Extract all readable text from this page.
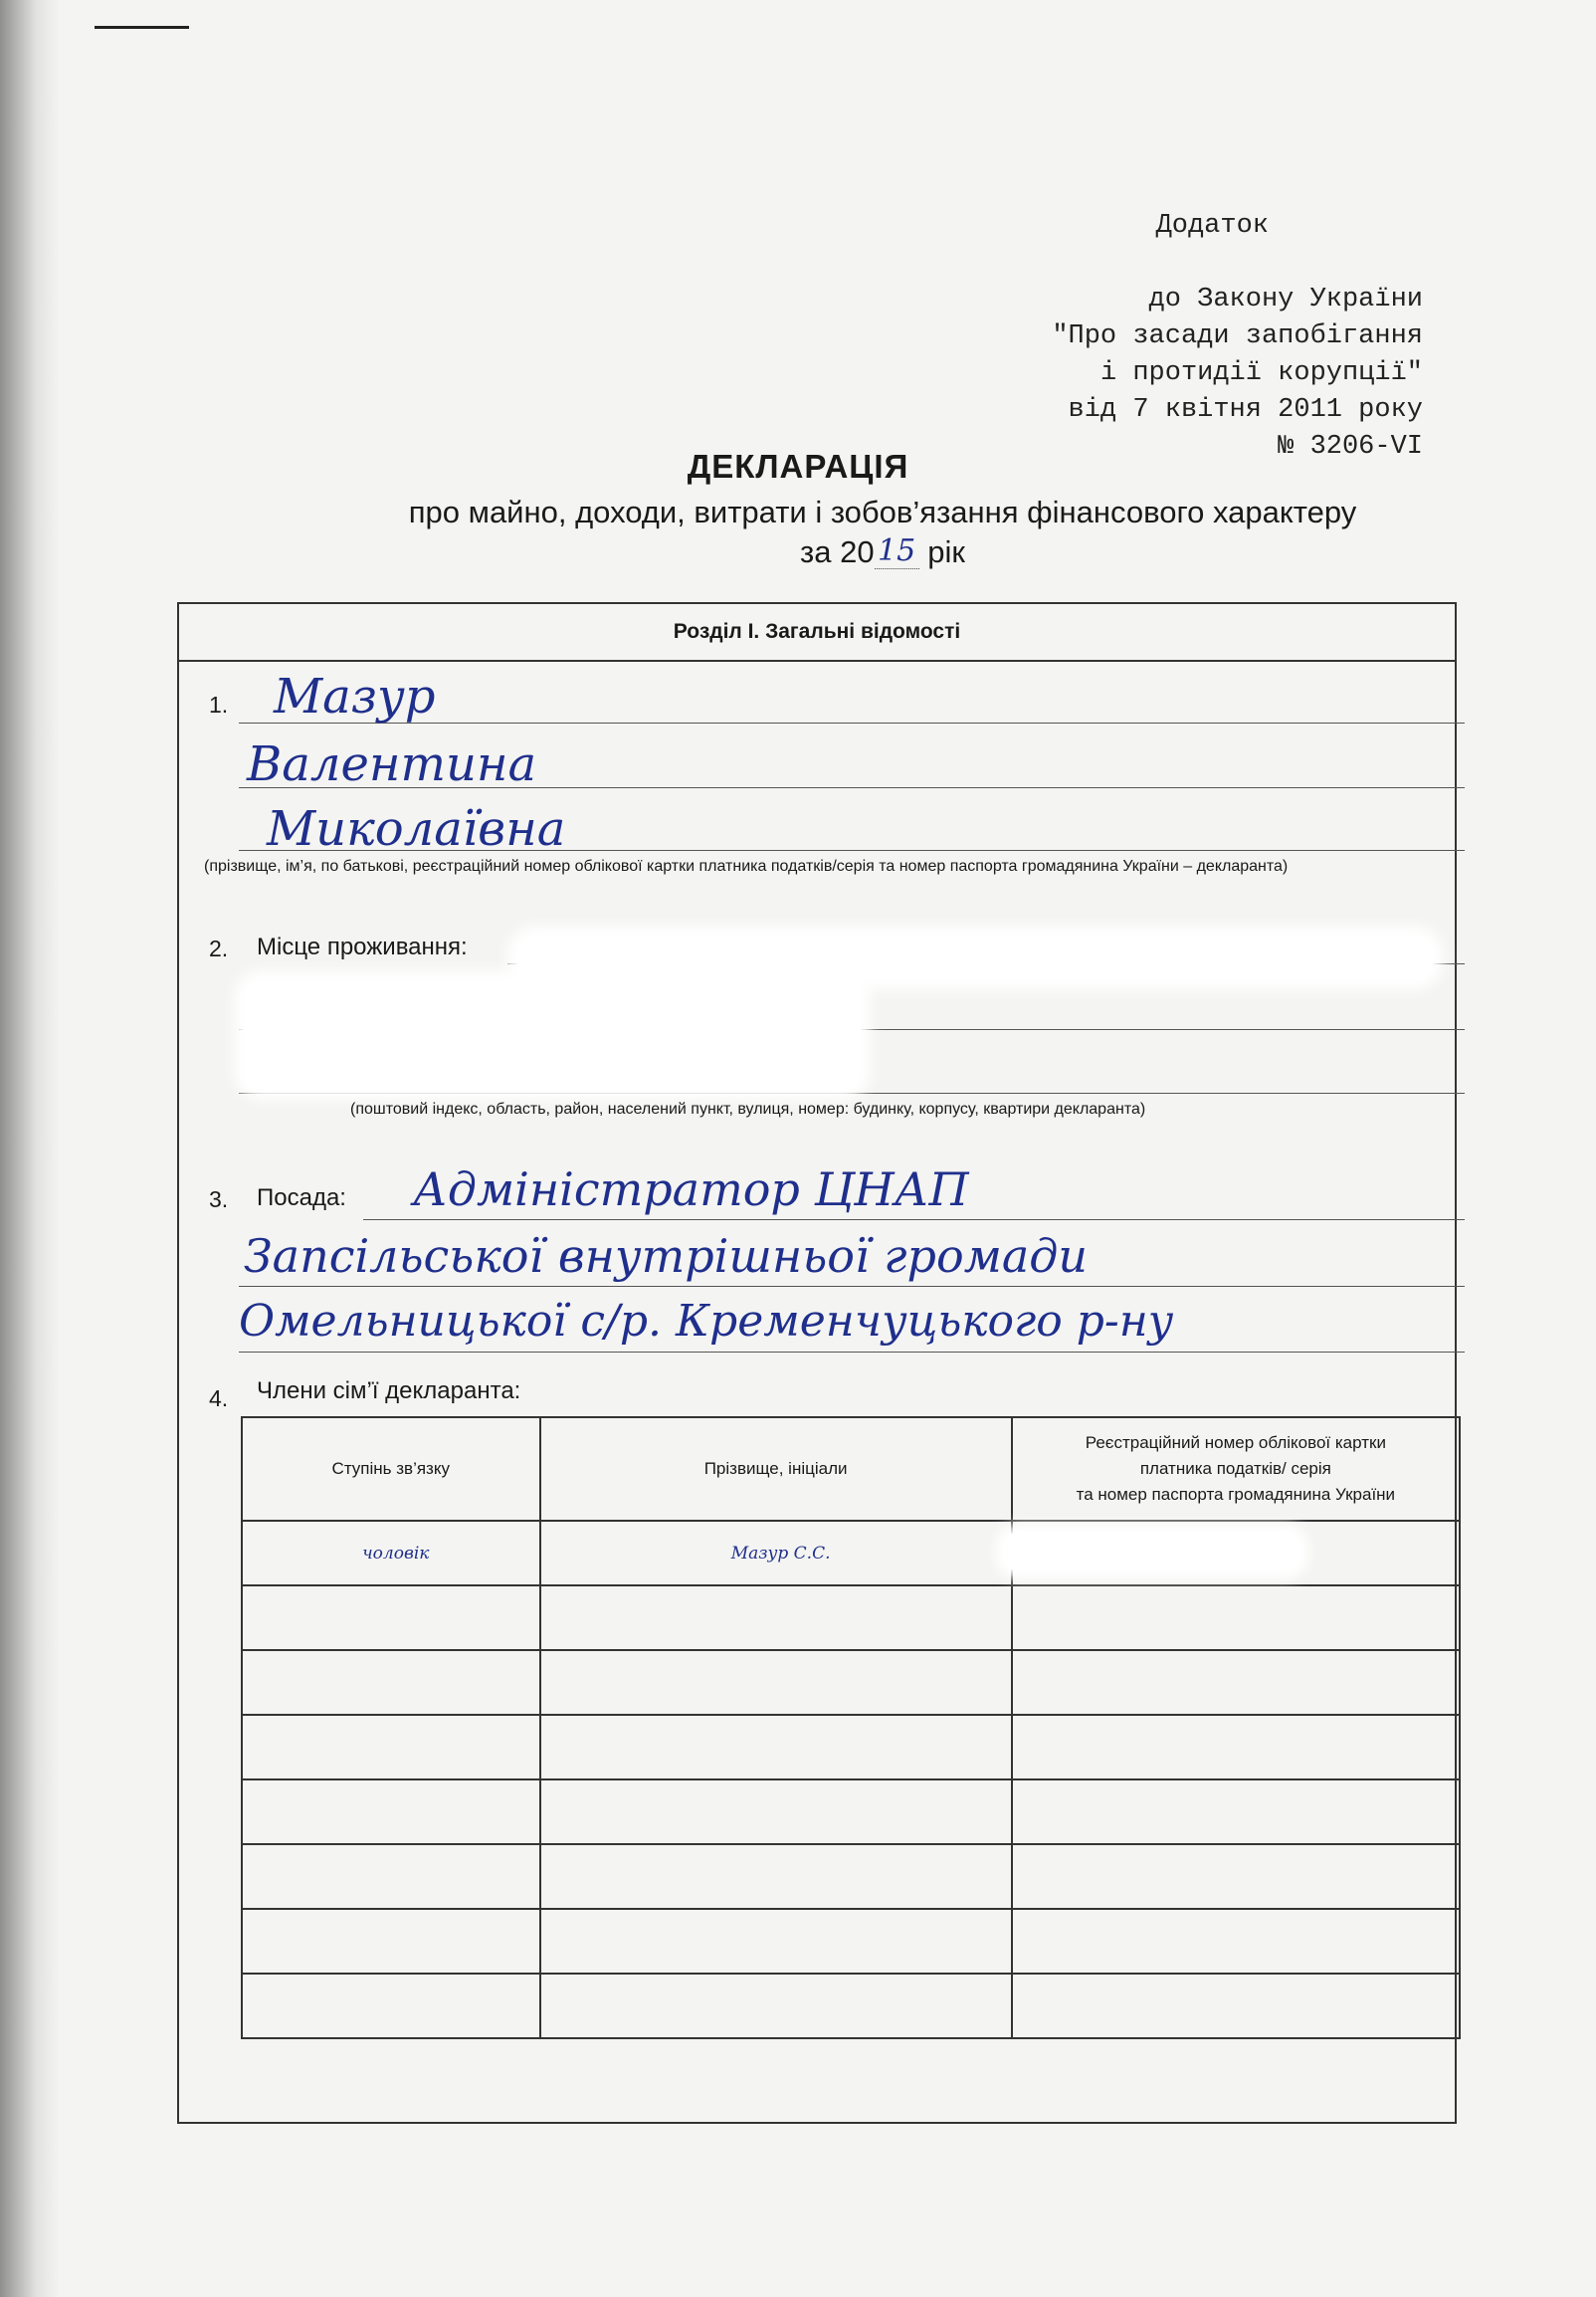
Додаток

до Закону України
"Про засади запобігання
і протидії корупції"
від 7 квітня 2011 року
№ 3206-VI

ДЕКЛАРАЦІЯ
про майно, доходи, витрати і зобов’язання фінансового характеру
за 20 15 рік
Розділ І. Загальні відомості
1. Мазур
Валентина
Миколаївна
(прізвище, ім’я, по батькові, реєстраційний номер облікової картки платника податків/серія та номер паспорта громадянина України – декларанта)
2. Місце проживання:
(поштовий індекс, область, район, населений пункт, вулиця, номер: будинку, корпусу, квартири декларанта)
3. Посада: Адміністратор ЦНАП
Запсільської внутрішньої громади
Омельницької с/р. Кременчуцького р-ну
4. Члени сім’ї декларанта:
Ступінь зв’язку	Прізвище, ініціали	Реєстраційний номер облікової картки
платника податків/ серія
та номер паспорта громадянина України
чоловік	Мазур С.С.	
